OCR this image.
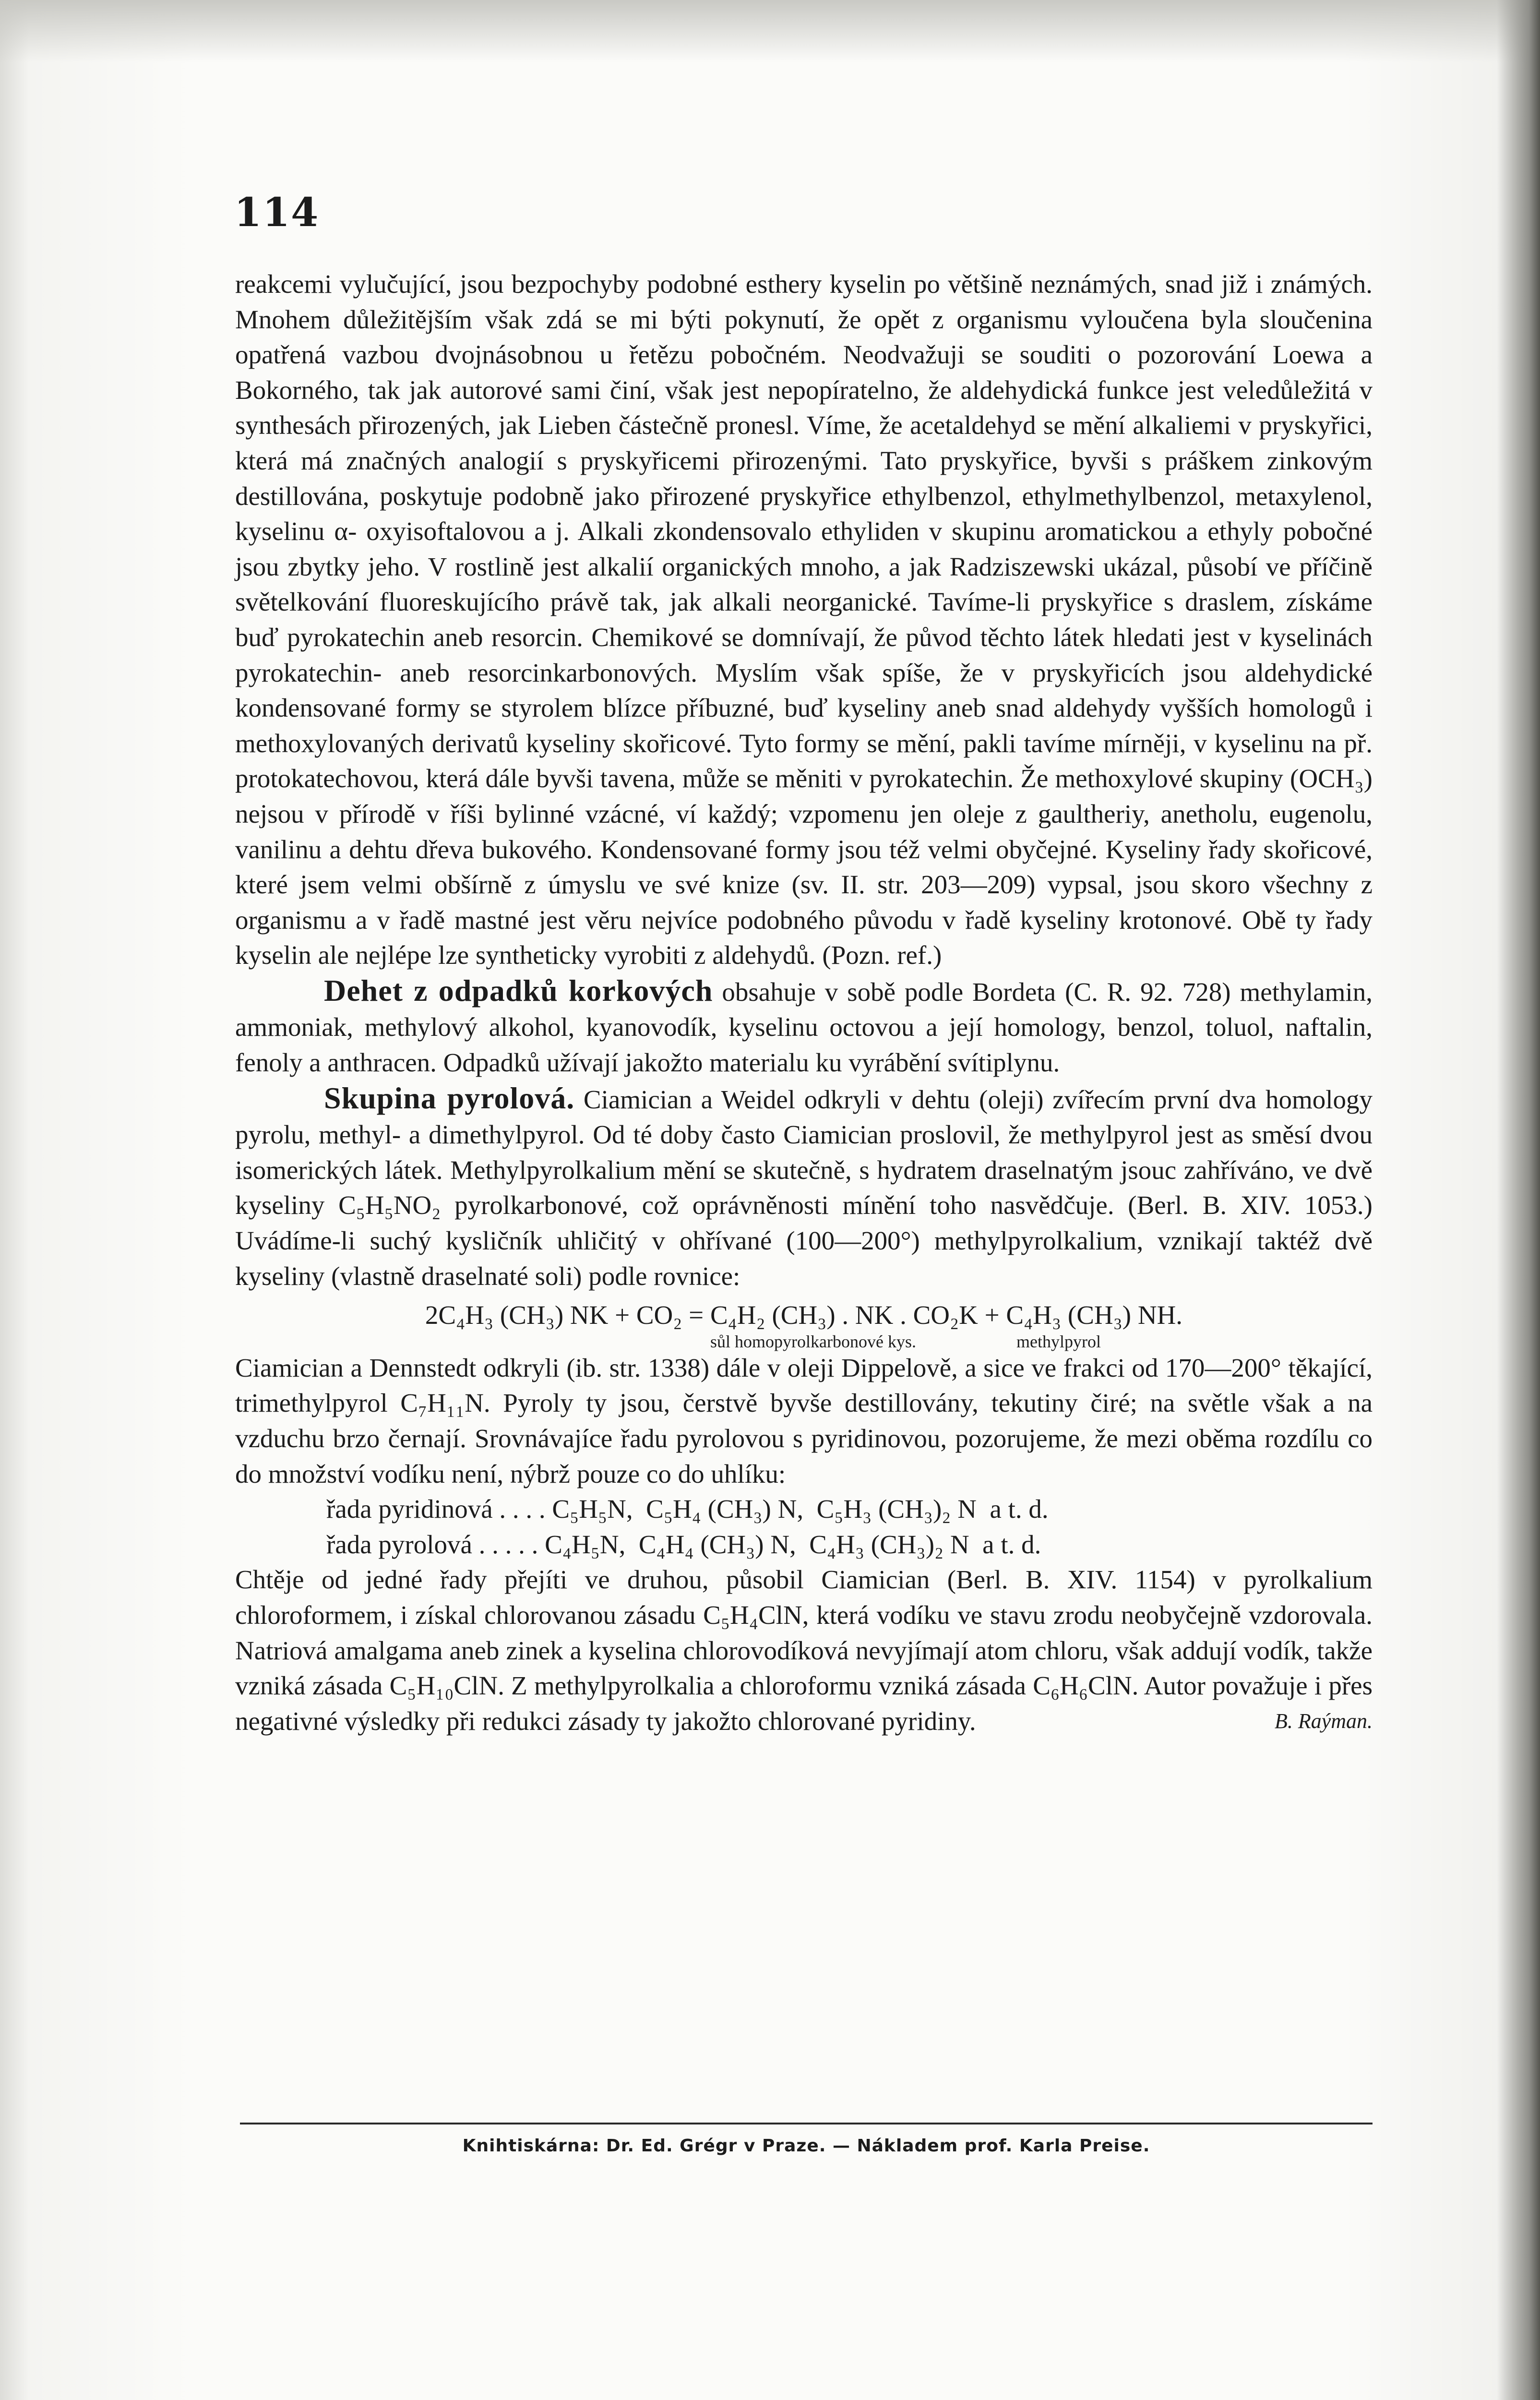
114

reakcemi vylučující, jsou bezpochyby podobné esthery kyselin po většině neznámých, snad již i známých. Mnohem důležitějším však zdá se mi býti pokynutí, že opět z organismu vyloučena byla sloučenina opatřená vazbou dvojnásobnou u řetězu pobočném. Neodvažuji se souditi o pozorování Loewa a Bokorného, tak jak autorové sami činí, však jest nepopíratelno, že aldehydická funkce jest veledůležitá v synthesách přirozených, jak Lieben částečně pronesl. Víme, že acetaldehyd se mění alkaliemi v pryskyřici, která má značných analogií s pryskyřicemi přirozenými. Tato pryskyřice, byvši s práškem zinkovým destillována, poskytuje podobně jako přirozené pryskyřice ethylbenzol, ethylmethylbenzol, metaxylenol, kyselinu α- oxyisoftalovou a j. Alkali zkondensovalo ethyliden v skupinu aromatickou a ethyly pobočné jsou zbytky jeho. V rostlině jest alkalií organických mnoho, a jak Radziszewski ukázal, působí ve příčině světelkování fluoreskujícího právě tak, jak alkali neorganické. Tavíme-li pryskyřice s draslem, získáme buď pyrokatechin aneb resorcin. Chemikové se domnívají, že původ těchto látek hledati jest v kyselinách pyrokatechin- aneb resorcinkarbonových. Myslím však spíše, že v pryskyřicích jsou aldehydické kondensované formy se styrolem blízce příbuzné, buď kyseliny aneb snad aldehydy vyšších homologů i methoxylovaných derivatů kyseliny skořicové. Tyto formy se mění, pakli tavíme mírněji, v kyselinu na př. protokatechovou, která dále byvši tavena, může se měniti v pyrokatechin. Že methoxylové skupiny (OCH₃) nejsou v přírodě v říši bylinné vzácné, ví každý; vzpomenu jen oleje z gaultheriy, anetholu, eugenolu, vanilinu a dehtu dřeva bukového. Kondensované formy jsou též velmi obyčejné. Kyseliny řady skořicové, které jsem velmi obšírně z úmyslu ve své knize (sv. II. str. 203—209) vypsal, jsou skoro všechny z organismu a v řadě mastné jest věru nejvíce podobného původu v řadě kyseliny krotonové. Obě ty řady kyselin ale nejlépe lze syntheticky vyrobiti z aldehydů. (Pozn. ref.)

Dehet z odpadků korkových obsahuje v sobě podle Bordeta (C. R. 92. 728) methylamin, ammoniak, methylový alkohol, kyanovodík, kyselinu octovou a její homology, benzol, toluol, naftalin, fenoly a anthracen. Odpadků užívají jakožto materialu ku vyrábění svítiplynu.

Skupina pyrolová. Ciamician a Weidel odkryli v dehtu (oleji) zvířecím první dva homology pyrolu, methyl- a dimethylpyrol. Od té doby často Ciamician proslovil, že methylpyrol jest as směsí dvou isomerických látek. Methylpyrolkalium mění se skutečně, s hydratem draselnatým jsouc zahříváno, ve dvě kyseliny C₅H₅NO₂ pyrolkarbonové, což oprávněnosti mínění toho nasvědčuje. (Berl. B. XIV. 1053.) Uvádíme-li suchý kysličník uhličitý v ohřívané (100—200°) methylpyrolkalium, vznikají taktéž dvě kyseliny (vlastně draselnaté soli) podle rovnice:

2C₄H₃ (CH₃) NK + CO₂ = C₄H₂ (CH₃) . NK . CO₂K + C₄H₃ (CH₃) NH.
sůl homopyrolkarbonové kys.	methylpyrol

Ciamician a Dennstedt odkryli (ib. str. 1338) dále v oleji Dippelově, a sice ve frakci od 170—200° těkající, trimethylpyrol C₇H₁₁N. Pyroly ty jsou, čerstvě byvše destillovány, tekutiny čiré; na světle však a na vzduchu brzo černají. Srovnávajíce řadu pyrolovou s pyridinovou, pozorujeme, že mezi oběma rozdílu co do množství vodíku není, nýbrž pouze co do uhlíku:

řada pyridinová . . . . C₅H₅N,  C₅H₄ (CH₃) N,  C₅H₃ (CH₃)₂ N  a t. d.
řada pyrolová . . . . . C₄H₅N,  C₄H₄ (CH₃) N,  C₄H₃ (CH₃)₂ N  a t. d.

Chtěje od jedné řady přejíti ve druhou, působil Ciamician (Berl. B. XIV. 1154) v pyrolkalium chloroformem, i získal chlorovanou zásadu C₅H₄ClN, která vodíku ve stavu zrodu neobyčejně vzdorovala. Natriová amalgama aneb zinek a kyselina chlorovodíková nevyjímají atom chloru, však addují vodík, takže vzniká zásada C₅H₁₀ClN. Z methylpyrolkalia a chloroformu vzniká zásada C₆H₆ClN. Autor považuje i přes negativné výsledky při redukci zásady ty jakožto chlorované pyridiny.	B. Raýman.

Knihtiskárna: Dr. Ed. Grégr v Praze. — Nákladem prof. Karla Preise.
